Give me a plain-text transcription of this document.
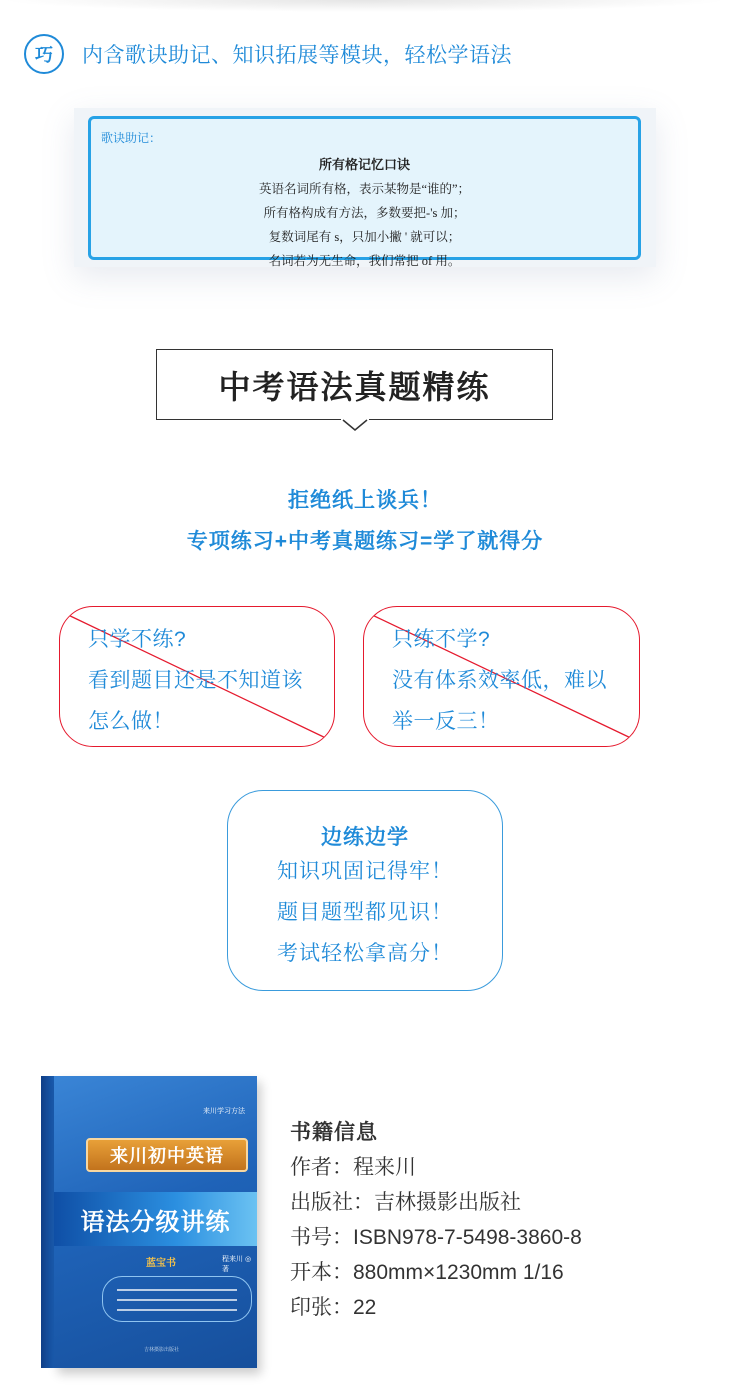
巧	内含歌诀助记、知识拓展等模块，轻松学语法
歌诀助记：
所有格记忆口诀
英语名词所有格，表示某物是“谁的”；
所有格构成有方法，多数要把-'s 加；
复数词尾有 s，只加小撇 ' 就可以；
名词若为无生命，我们常把 of 用。
中考语法真题精练
拒绝纸上谈兵！
专项练习+中考真题练习=学了就得分
只学不练?
看到题目还是不知道该
怎么做！
只练不学?
没有体系效率低，难以
举一反三！
边练边学
知识巩固记得牢！
题目题型都见识！
考试轻松拿高分！
来川学习方法
来川初中英语
蓝宝书	程来川 ◎ 著
吉林摄影出版社
语法分级讲练
书籍信息
作者：程来川
出版社：吉林摄影出版社
书号：ISBN978-7-5498-3860-8
开本：880mm×1230mm 1/16
印张：22
